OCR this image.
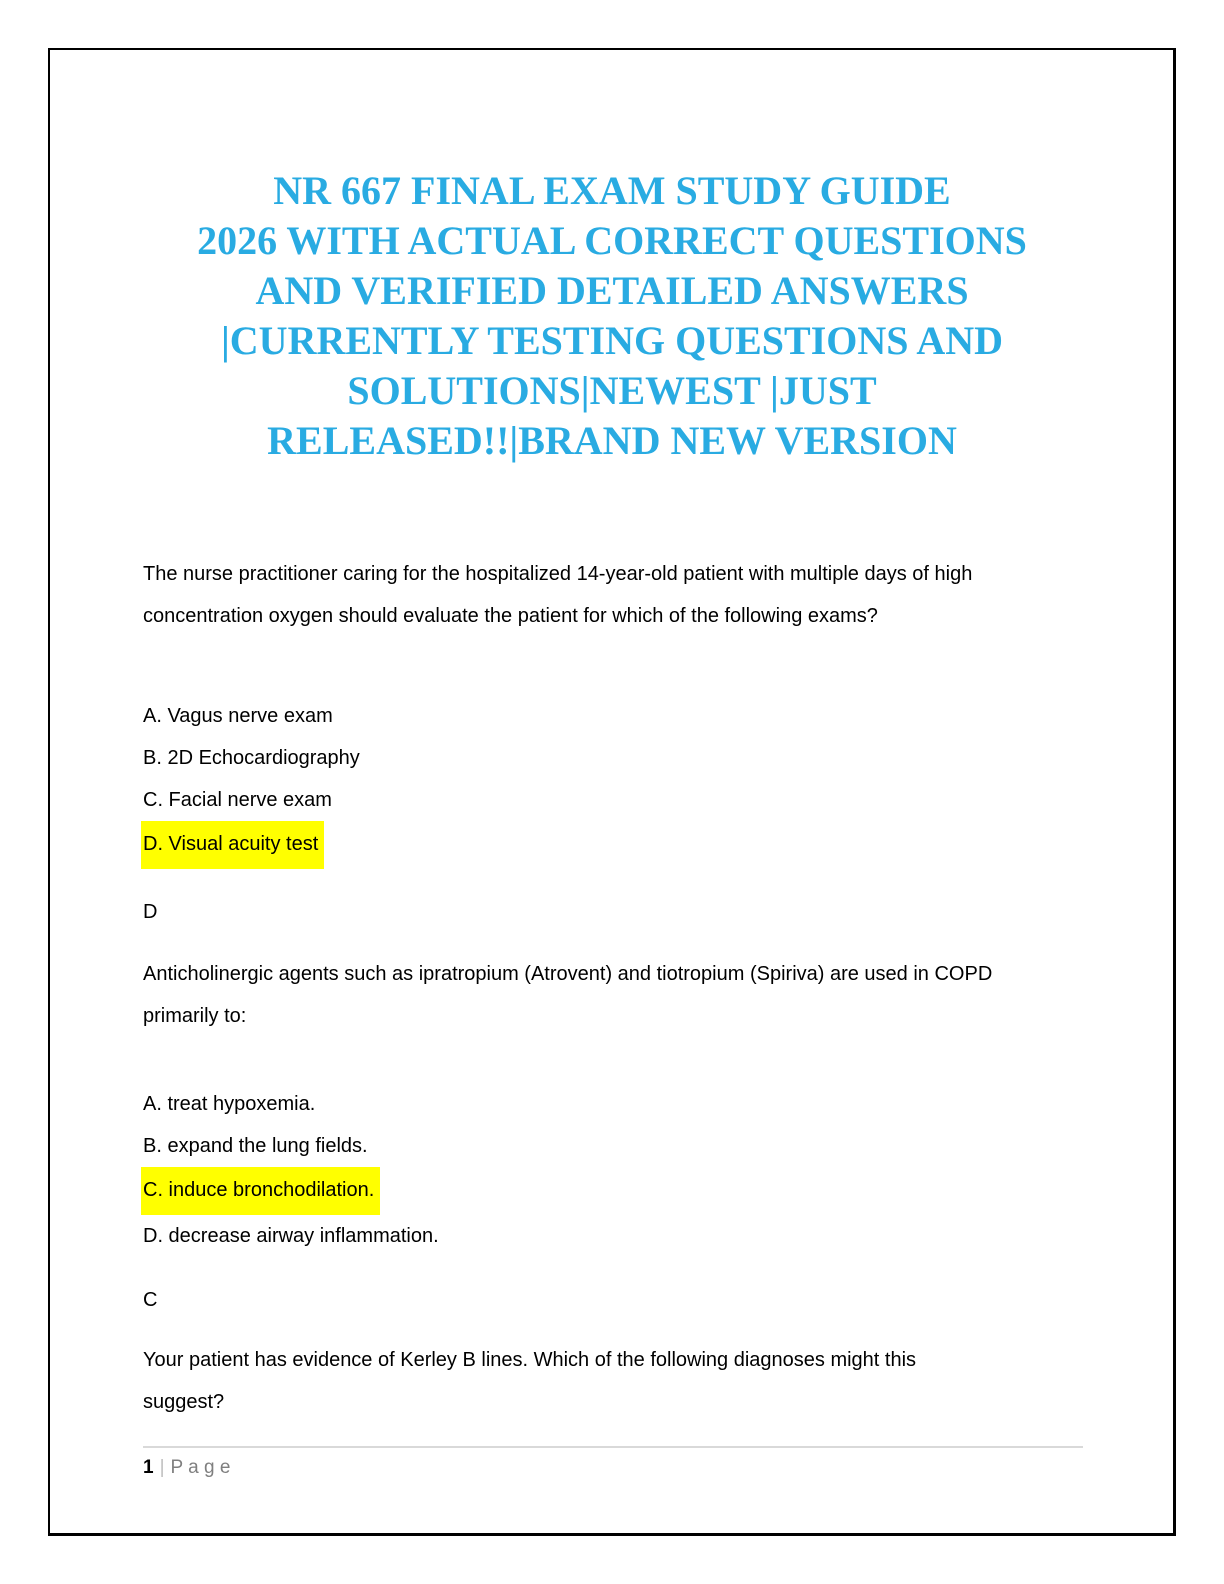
NR 667 FINAL EXAM STUDY GUIDE
2026 WITH ACTUAL CORRECT QUESTIONS
AND VERIFIED DETAILED ANSWERS
|CURRENTLY TESTING QUESTIONS AND
SOLUTIONS|NEWEST |JUST
RELEASED!!|BRAND NEW VERSION
The nurse practitioner caring for the hospitalized 14-year-old patient with multiple days of high
concentration oxygen should evaluate the patient for which of the following exams?
A. Vagus nerve exam
B. 2D Echocardiography
C. Facial nerve exam
D. Visual acuity test
D
Anticholinergic agents such as ipratropium (Atrovent) and tiotropium (Spiriva) are used in COPD
primarily to:
A. treat hypoxemia.
B. expand the lung fields.
C. induce bronchodilation.
D. decrease airway inflammation.
C
Your patient has evidence of Kerley B lines. Which of the following diagnoses might this
suggest?
1 | P a g e
